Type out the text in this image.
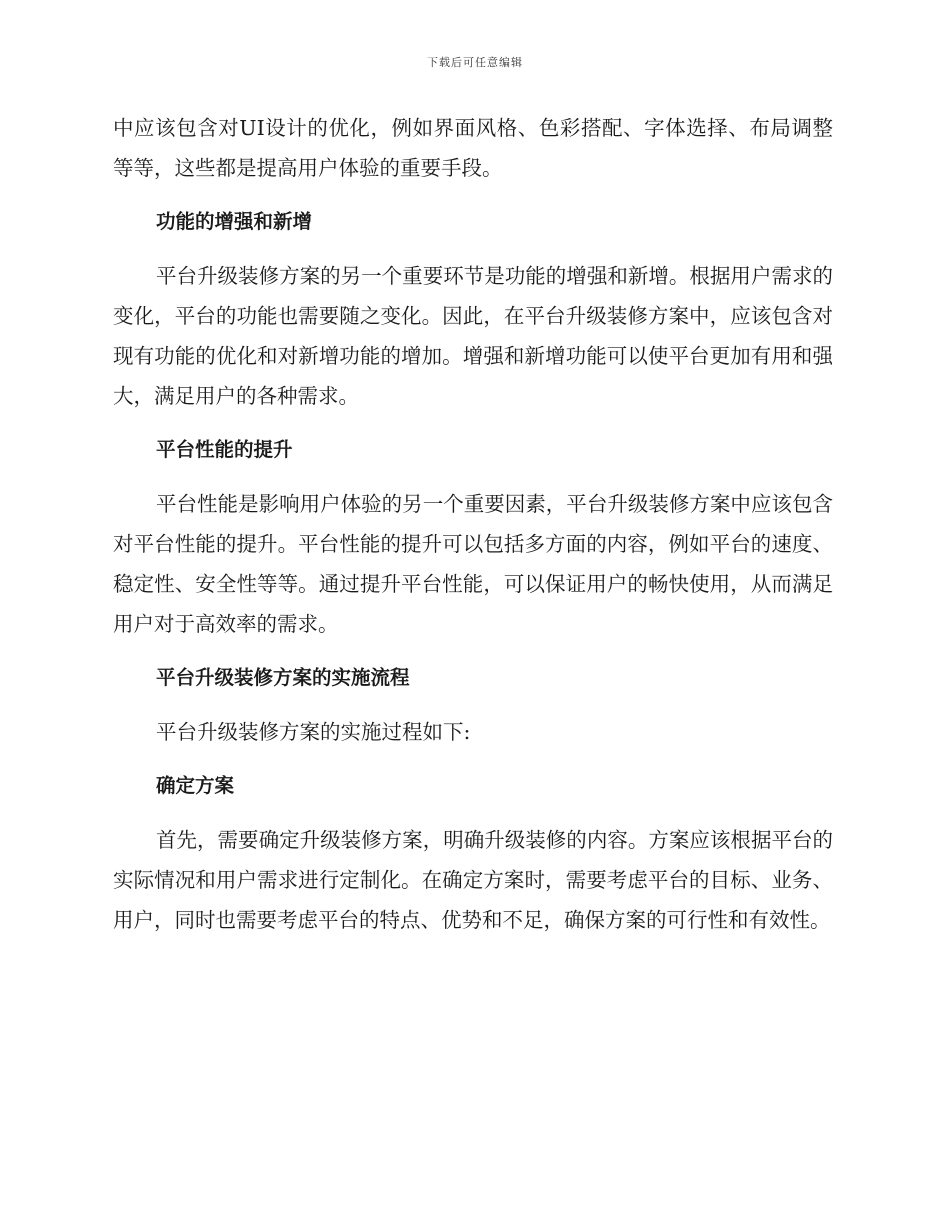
下载后可任意编辑

中应该包含对UI设计的优化，例如界面风格、色彩搭配、字体选择、布局调整等等，这些都是提高用户体验的重要手段。

功能的增强和新增

平台升级装修方案的另一个重要环节是功能的增强和新增。根据用户需求的变化，平台的功能也需要随之变化。因此，在平台升级装修方案中，应该包含对现有功能的优化和对新增功能的增加。增强和新增功能可以使平台更加有用和强大，满足用户的各种需求。

平台性能的提升

平台性能是影响用户体验的另一个重要因素，平台升级装修方案中应该包含对平台性能的提升。平台性能的提升可以包括多方面的内容，例如平台的速度、稳定性、安全性等等。通过提升平台性能，可以保证用户的畅快使用，从而满足用户对于高效率的需求。

平台升级装修方案的实施流程

平台升级装修方案的实施过程如下:

确定方案

首先，需要确定升级装修方案，明确升级装修的内容。方案应该根据平台的实际情况和用户需求进行定制化。在确定方案时，需要考虑平台的目标、业务、用户，同时也需要考虑平台的特点、优势和不足，确保方案的可行性和有效性。
